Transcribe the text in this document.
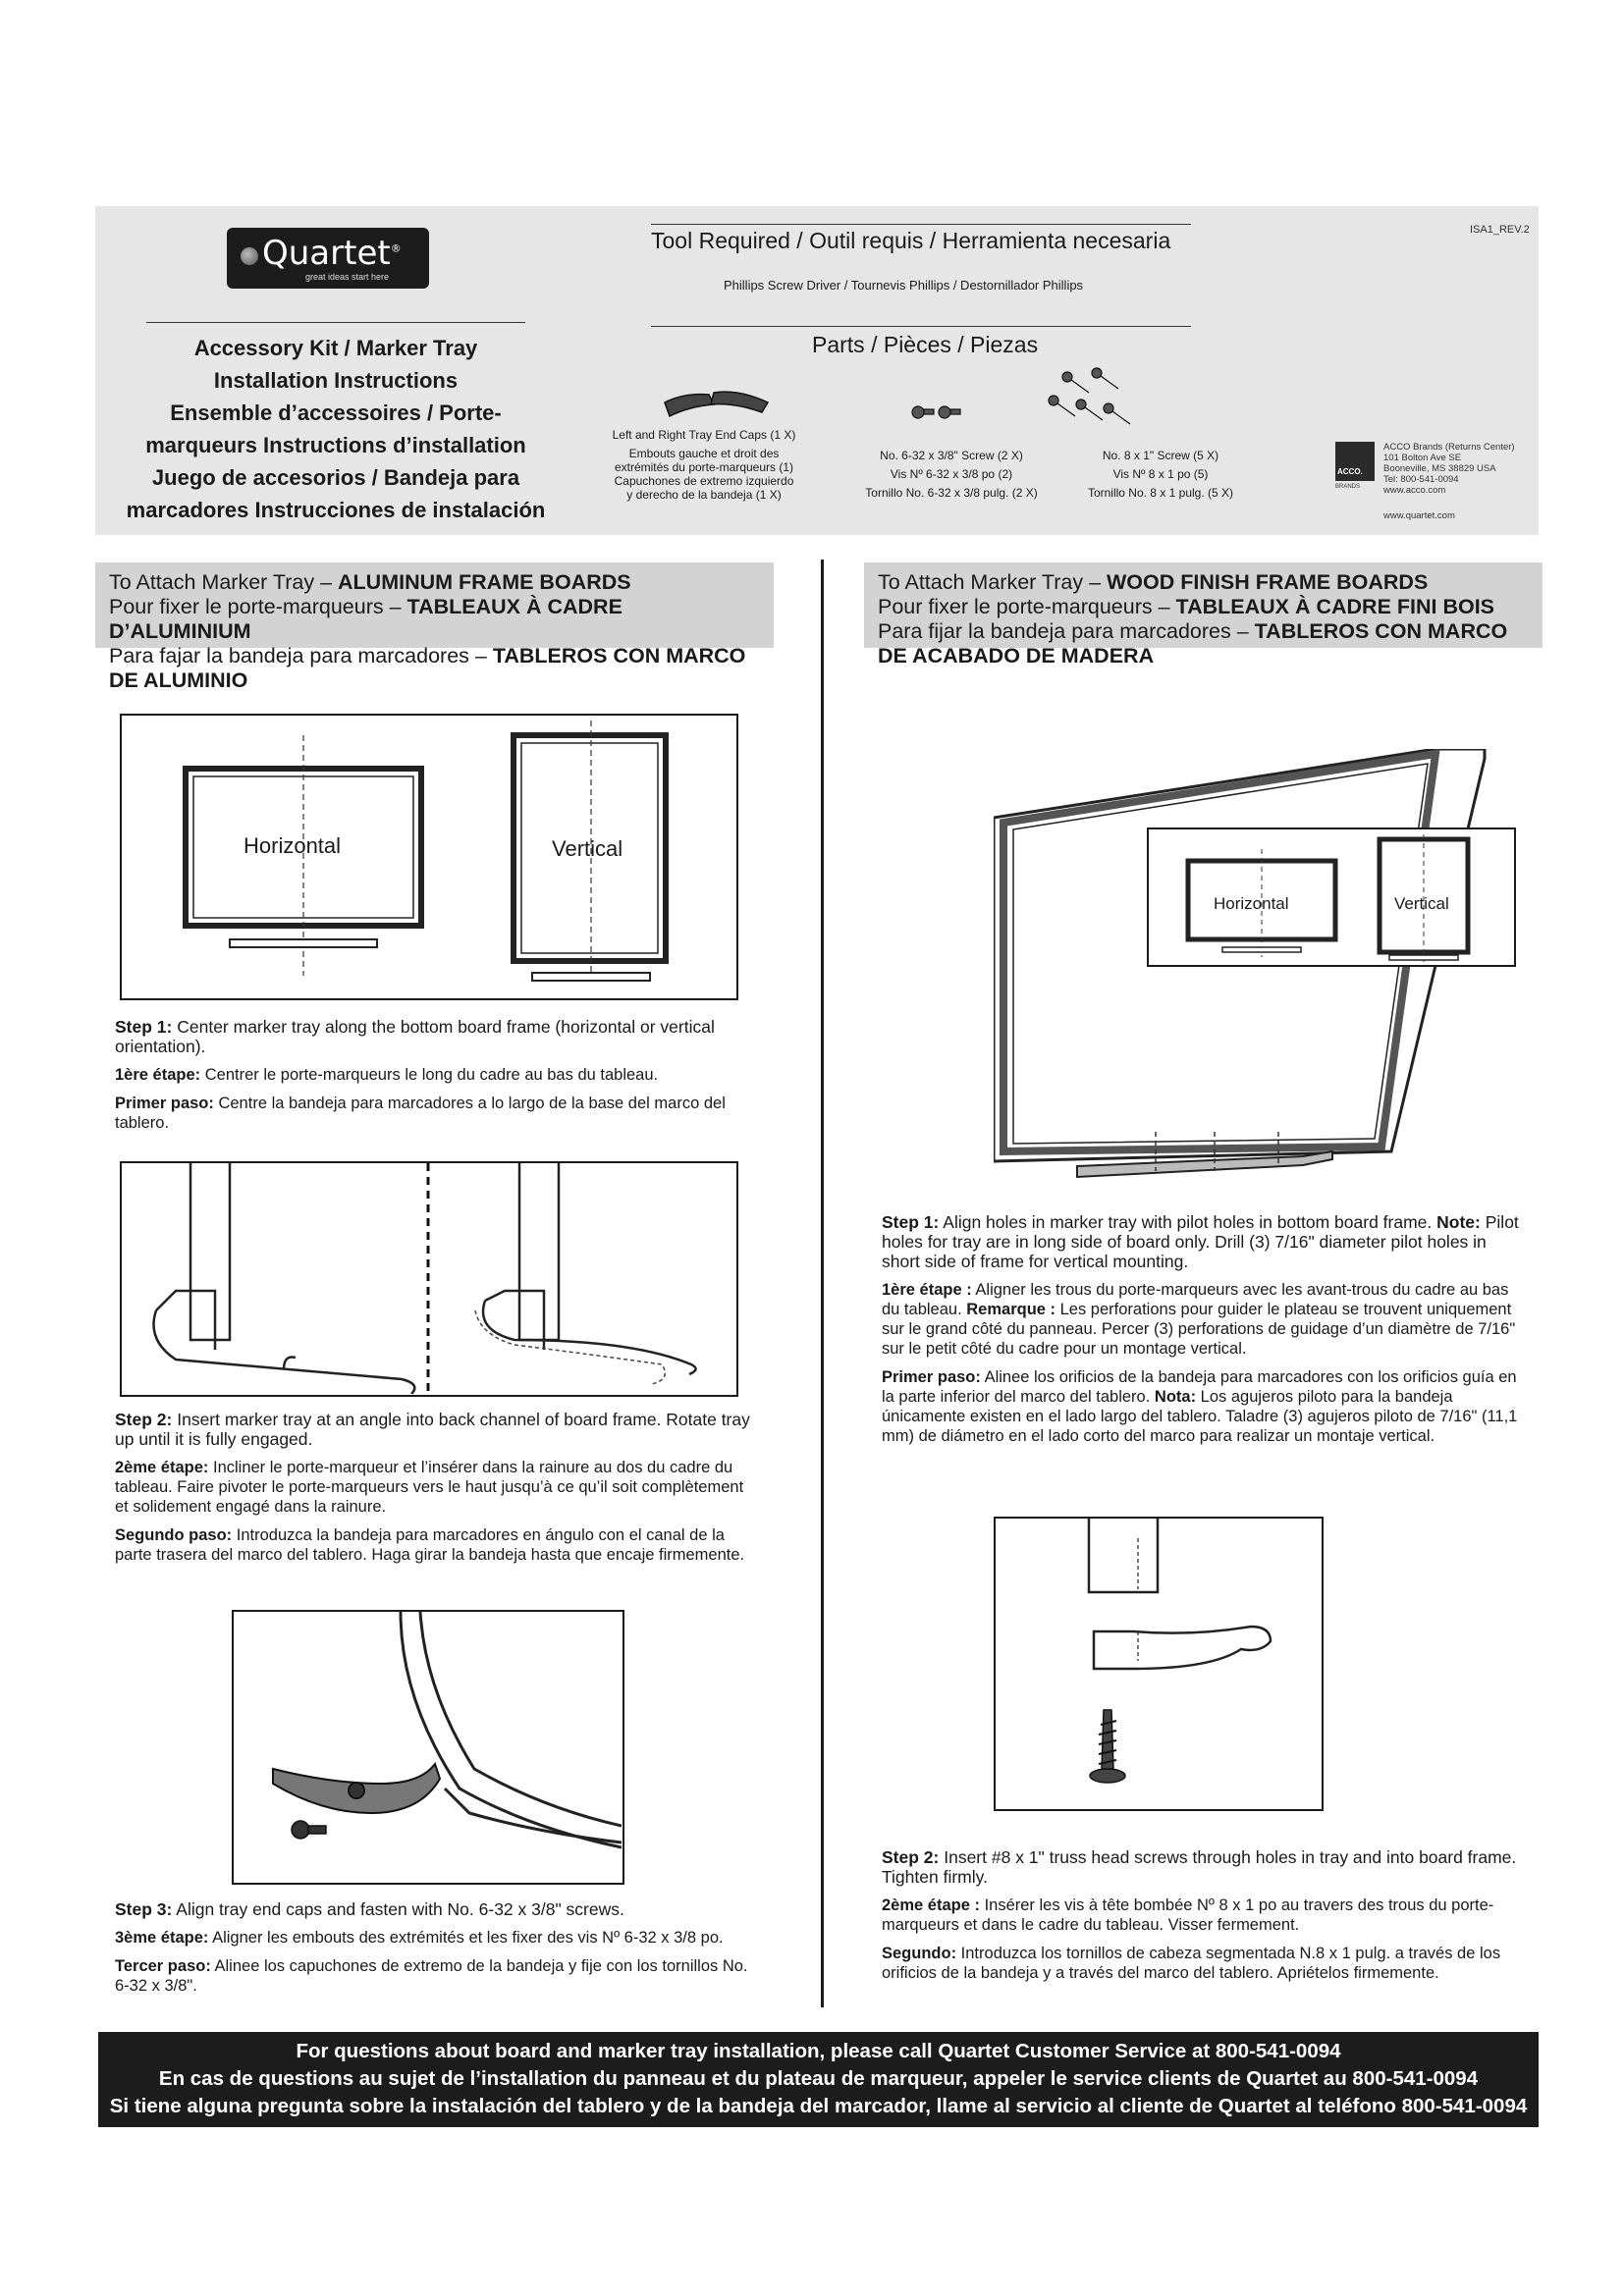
Quartet®
great ideas start here
Accessory Kit / Marker Tray
Installation Instructions
Ensemble d’accessoires / Porte-
marqueurs Instructions d’installation
Juego de accesorios / Bandeja para
marcadores Instrucciones de instalación
Tool Required / Outil requis / Herramienta necesaria
Phillips Screw Driver / Tournevis Phillips / Destornillador Phillips
Parts / Pièces / Piezas
Left and Right Tray End Caps (1 X)
Embouts gauche et droit des
extrémités du porte-marqueurs (1)
Capuchones de extremo izquierdo
y derecho de la bandeja (1 X)
No. 6-32 x 3/8" Screw (2 X)
Vis Nº 6-32 x 3/8 po (2)
Tornillo No. 6-32 x 3/8 pulg. (2 X)
No. 8 x 1" Screw (5 X)
Vis Nº 8 x 1 po (5)
Tornillo No. 8 x 1 pulg. (5 X)
ACCO.
BRANDS
ACCO Brands (Returns Center)
101 Bolton Ave SE
Booneville, MS 38829 USA
Tel: 800-541-0094
www.acco.com
www.quartet.com
ISA1_REV.2
To Attach Marker Tray – ALUMINUM FRAME BOARDS
Pour fixer le porte-marqueurs – TABLEAUX À CADRE D’ALUMINIUM
Para fajar la bandeja para marcadores – TABLEROS CON MARCO
DE ALUMINIO
Horizontal	Vertical

Step 1: Center marker tray along the bottom board frame (horizontal or vertical orientation).

1ère étape: Centrer le porte-marqueurs le long du cadre au bas du tableau.

Primer paso: Centre la bandeja para marcadores a lo largo de la base del marco del tablero.

Step 2: Insert marker tray at an angle into back channel of board frame. Rotate tray up until it is fully engaged.

2ème étape: Incliner le porte-marqueur et l’insérer dans la rainure au dos du cadre du tableau. Faire pivoter le porte-marqueurs vers le haut jusqu’à ce qu’il soit complètement et solidement engagé dans la rainure.

Segundo paso: Introduzca la bandeja para marcadores en ángulo con el canal de la parte trasera del marco del tablero. Haga girar la bandeja hasta que encaje firmemente.

Step 3: Align tray end caps and fasten with No. 6-32 x 3/8" screws.

3ème étape: Aligner les embouts des extrémités et les fixer des vis Nº 6-32 x 3/8 po.

Tercer paso: Alinee los capuchones de extremo de la bandeja y fije con los tornillos No. 6-32 x 3/8".

To Attach Marker Tray – WOOD FINISH FRAME BOARDS
Pour fixer le porte-marqueurs – TABLEAUX À CADRE FINI BOIS
Para fijar la bandeja para marcadores – TABLEROS CON MARCO
DE ACABADO DE MADERA
Horizontal	Vertical

Step 1: Align holes in marker tray with pilot holes in bottom board frame. Note: Pilot holes for tray are in long side of board only. Drill (3) 7/16" diameter pilot holes in short side of frame for vertical mounting.

1ère étape : Aligner les trous du porte-marqueurs avec les avant-trous du cadre au bas du tableau. Remarque : Les perforations pour guider le plateau se trouvent uniquement sur le grand côté du panneau. Percer (3) perforations de guidage d’un diamètre de 7/16" sur le petit côté du cadre pour un montage vertical.

Primer paso: Alinee los orificios de la bandeja para marcadores con los orificios guía en la parte inferior del marco del tablero. Nota: Los agujeros piloto para la bandeja únicamente existen en el lado largo del tablero. Taladre (3) agujeros piloto de 7/16" (11,1 mm) de diámetro en el lado corto del marco para realizar un montaje vertical.

Step 2: Insert #8 x 1" truss head screws through holes in tray and into board frame. Tighten firmly.

2ème étape : Insérer les vis à tête bombée Nº 8 x 1 po au travers des trous du porte-marqueurs et dans le cadre du tableau. Visser fermement.

Segundo: Introduzca los tornillos de cabeza segmentada N.8 x 1 pulg. a través de los orificios de la bandeja y a través del marco del tablero. Apriételos firmemente.

For questions about board and marker tray installation, please call Quartet Customer Service at 800-541-0094
En cas de questions au sujet de l’installation du panneau et du plateau de marqueur, appeler le service clients de Quartet au 800-541-0094
Si tiene alguna pregunta sobre la instalación del tablero y de la bandeja del marcador, llame al servicio al cliente de Quartet al teléfono 800-541-0094
